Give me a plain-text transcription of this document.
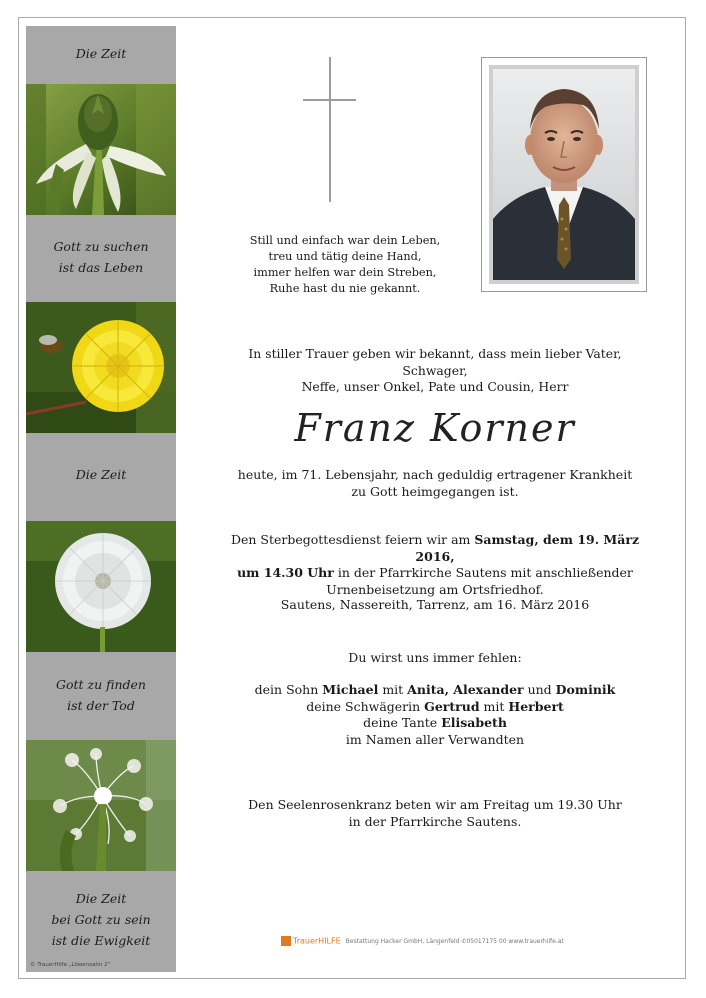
Die Zeit
Gott zu suchen
ist das Leben
Die Zeit
Gott zu finden
ist der Tod
Die Zeit
bei Gott zu sein
ist die Ewigkeit
© TrauerHilfe „Löwenzahn 2“
Still und einfach war dein Leben,
treu und tätig deine Hand,
immer helfen war dein Streben,
Ruhe hast du nie gekannt.
In stiller Trauer geben wir bekannt, dass mein lieber Vater, Schwager,
Neffe, unser Onkel, Pate und Cousin, Herr
Franz Korner
heute, im 71. Lebensjahr, nach geduldig ertragener Krankheit
zu Gott heimgegangen ist.
Den Sterbegottesdienst feiern wir am Samstag, dem 19. März 2016,
um 14.30 Uhr in der Pfarrkirche Sautens mit anschließender
Urnenbeisetzung am Ortsfriedhof.
Sautens, Nassereith, Tarrenz, am 16. März 2016
Du wirst uns immer fehlen:
dein Sohn Michael mit Anita, Alexander und Dominik
deine Schwägerin Gertrud mit Herbert
deine Tante Elisabeth
im Namen aller Verwandten
Den Seelenrosenkranz beten wir am Freitag um 19.30 Uhr
in der Pfarrkirche Sautens.
TrauerHILFE Bestattung Hacker GmbH, Längenfeld ✆05017175 00 www.trauerhilfe.at
